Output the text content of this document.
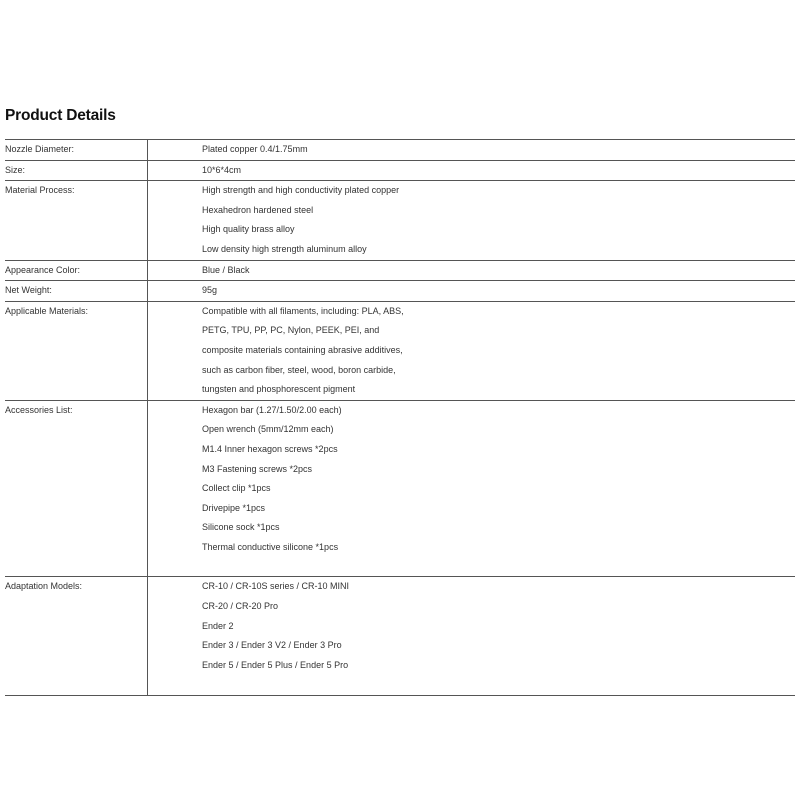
Product Details
Nozzle Diameter:	Plated copper 0.4/1.75mm
Size:	10*6*4cm
Material Process:	High strength and high conductivity plated copper
Hexahedron hardened steel
High quality brass alloy
Low density high strength aluminum alloy
Appearance Color:	Blue / Black
Net Weight:	95g
Applicable Materials:	Compatible with all filaments, including: PLA, ABS,
PETG, TPU, PP, PC, Nylon, PEEK, PEI, and
composite materials containing abrasive additives,
such as carbon fiber, steel, wood, boron carbide,
tungsten and phosphorescent pigment
Accessories List:	Hexagon bar (1.27/1.50/2.00 each)
Open wrench (5mm/12mm each)
M1.4 Inner hexagon screws *2pcs
M3 Fastening screws *2pcs
Collect clip *1pcs
Drivepipe *1pcs
Silicone sock *1pcs
Thermal conductive silicone *1pcs
Adaptation Models:	CR-10 / CR-10S series / CR-10 MINI
CR-20 / CR-20 Pro
Ender 2
Ender 3 / Ender 3 V2 / Ender 3 Pro
Ender 5 / Ender 5 Plus / Ender 5 Pro
